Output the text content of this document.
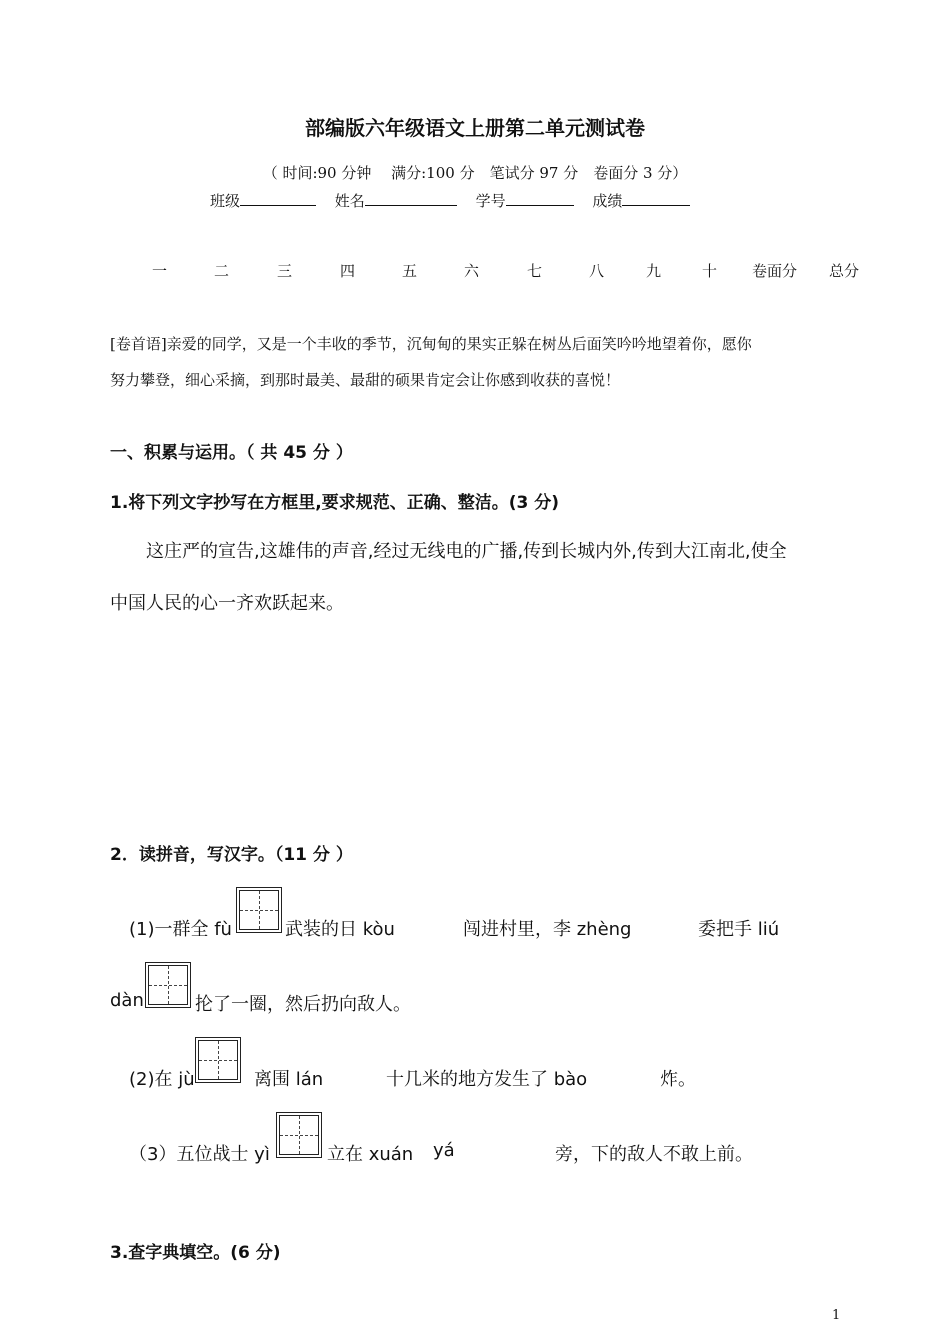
部编版六年级语文上册第二单元测试卷
（ 时间:90 分钟　 满分:100 分　笔试分 97 分　卷面分 3 分）
班级	姓名	学号	成绩
一	二	三	四	五	六	七	八	九	十 卷面分 总分
[卷首语]亲爱的同学，又是一个丰收的季节，沉甸甸的果实正躲在树丛后面笑吟吟地望着你，愿你
努力攀登，细心采摘，到那时最美、最甜的硕果肯定会让你感到收获的喜悦！
一、积累与运用。（ 共 45 分 ）
1.将下列文字抄写在方框里,要求规范、正确、整洁。(3 分)
这庄严的宣告,这雄伟的声音,经过无线电的广播,传到长城内外,传到大江南北,使全
中国人民的心一齐欢跃起来。
2．读拼音，写汉字。（11 分 ）
(1)一群全 fù	武装的日 kòu	闯进村里，李 zhèng	委把手 liú
dàn	抡了一圈，然后扔向敌人。
(2)在 jù	离围 lán	十几米的地方发生了 bào	炸。
（3）五位战士 yì	立在 xuán yá	旁，下的敌人不敢上前。
3.查字典填空。(6 分)
1
